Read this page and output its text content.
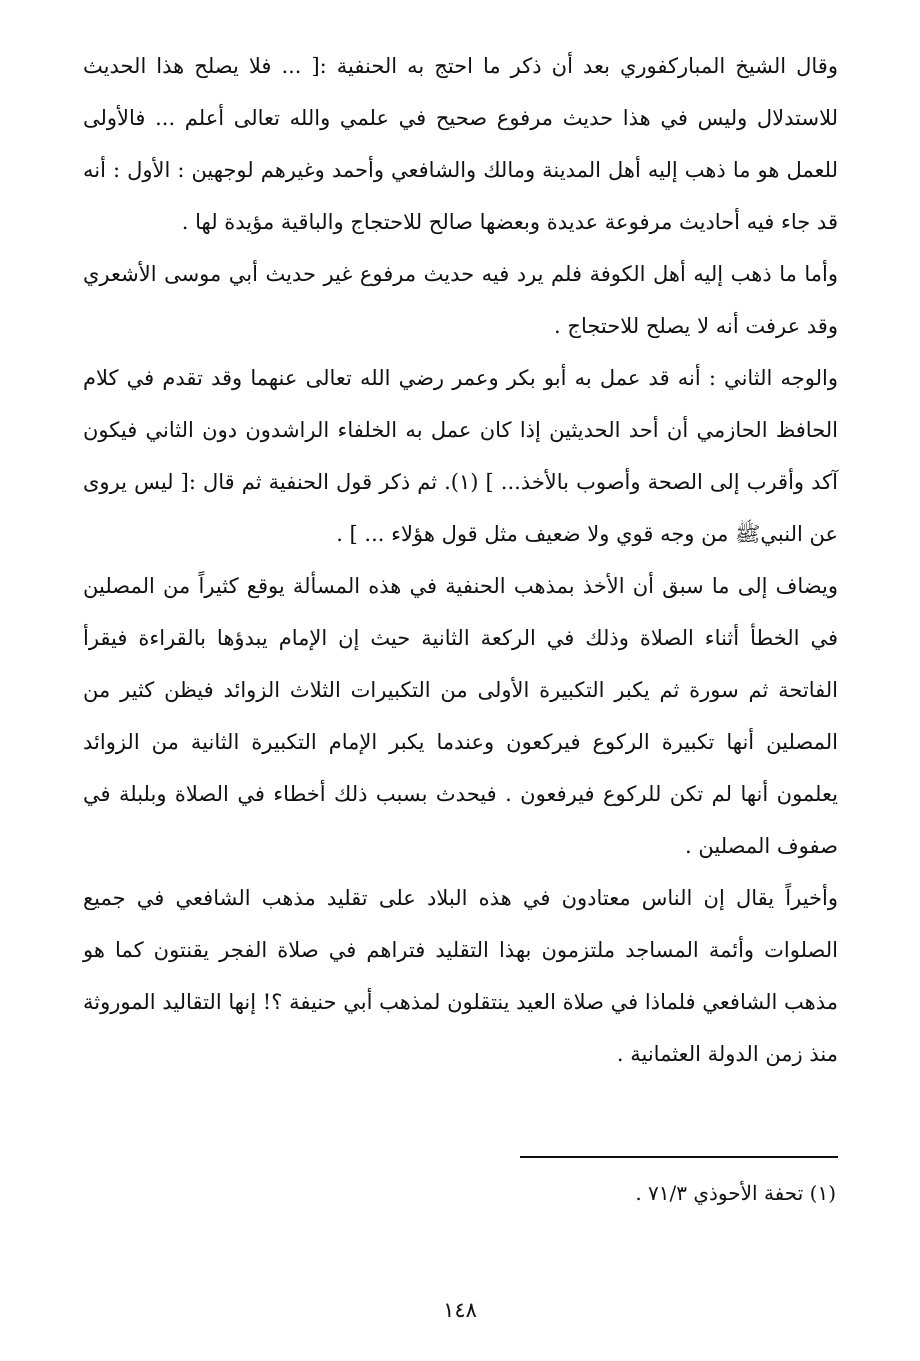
وقال الشيخ المباركفوري بعد أن ذكر ما احتج به الحنفية :[ ... فلا يصلح هذا الحديث للاستدلال وليس في هذا حديث مرفوع صحيح في علمي والله تعالى أعلم ... فالأولى للعمل هو ما ذهب إليه أهل المدينة ومالك والشافعي وأحمد وغيرهم لوجهين : الأول : أنه قد جاء فيه أحاديث مرفوعة عديدة وبعضها صالح للاحتجاج والباقية مؤيدة لها .

وأما ما ذهب إليه أهل الكوفة فلم يرد فيه حديث مرفوع غير حديث أبي موسى الأشعري وقد عرفت أنه لا يصلح للاحتجاج .

والوجه الثاني : أنه قد عمل به أبو بكر وعمر رضي الله تعالى عنهما وقد تقدم في كلام الحافظ الحازمي أن أحد الحديثين إذا كان عمل به الخلفاء الراشدون دون الثاني فيكون آكد وأقرب إلى الصحة وأصوب بالأخذ... ] (١). ثم ذكر قول الحنفية ثم قال :[ ليس يروى عن النبيﷺ من وجه قوي ولا ضعيف مثل قول هؤلاء ... ] .

ويضاف إلى ما سبق أن الأخذ بمذهب الحنفية في هذه المسألة يوقع كثيراً من المصلين في الخطأ أثناء الصلاة وذلك في الركعة الثانية حيث إن الإمام يبدؤها بالقراءة فيقرأ الفاتحة ثم سورة ثم يكبر التكبيرة الأولى من التكبيرات الثلاث الزوائد فيظن كثير من المصلين أنها تكبيرة الركوع فيركعون وعندما يكبر الإمام التكبيرة الثانية من الزوائد يعلمون أنها لم تكن للركوع فيرفعون . فيحدث بسبب ذلك أخطاء في الصلاة وبلبلة في صفوف المصلين .

وأخيراً يقال إن الناس معتادون في هذه البلاد على تقليد مذهب الشافعي في جميع الصلوات وأئمة المساجد ملتزمون بهذا التقليد فتراهم في صلاة الفجر يقنتون كما هو مذهب الشافعي فلماذا في صلاة العيد ينتقلون لمذهب أبي حنيفة ؟! إنها التقاليد الموروثة منذ زمن الدولة العثمانية .

(١) تحفة الأحوذي ٧١/٣ .
١٤٨
